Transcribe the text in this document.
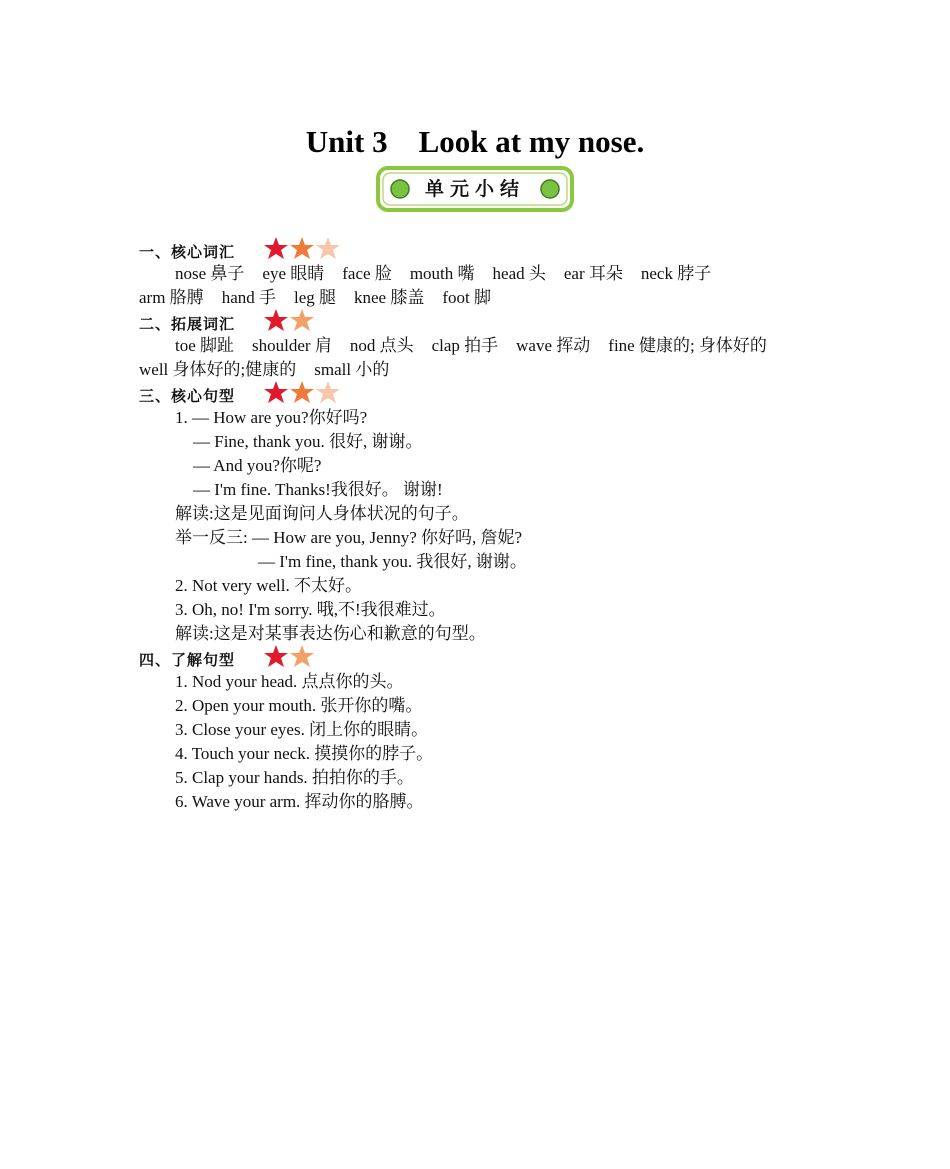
Unit 3    Look at my nose.
单元小结
一、核心词汇
nose 鼻子 eye 眼睛 face 脸 mouth 嘴 head 头 ear 耳朵 neck 脖子
arm 胳膊 hand 手 leg 腿 knee 膝盖 foot 脚
二、拓展词汇
toe 脚趾 shoulder 肩 nod 点头 clap 拍手 wave 挥动 fine 健康的; 身体好的
well 身体好的;健康的 small 小的
三、核心句型
1. — How are you?你好吗?
— Fine, thank you. 很好, 谢谢。
— And you?你呢?
— I'm fine. Thanks!我很好。 谢谢!
解读:这是见面询问人身体状况的句子。
举一反三: — How are you, Jenny? 你好吗, 詹妮?
— I'm fine, thank you. 我很好, 谢谢。
2. Not very well. 不太好。
3. Oh, no! I'm sorry. 哦,不!我很难过。
解读:这是对某事表达伤心和歉意的句型。
四、了解句型
1. Nod your head. 点点你的头。
2. Open your mouth. 张开你的嘴。
3. Close your eyes. 闭上你的眼睛。
4. Touch your neck. 摸摸你的脖子。
5. Clap your hands. 拍拍你的手。
6. Wave your arm. 挥动你的胳膊。
